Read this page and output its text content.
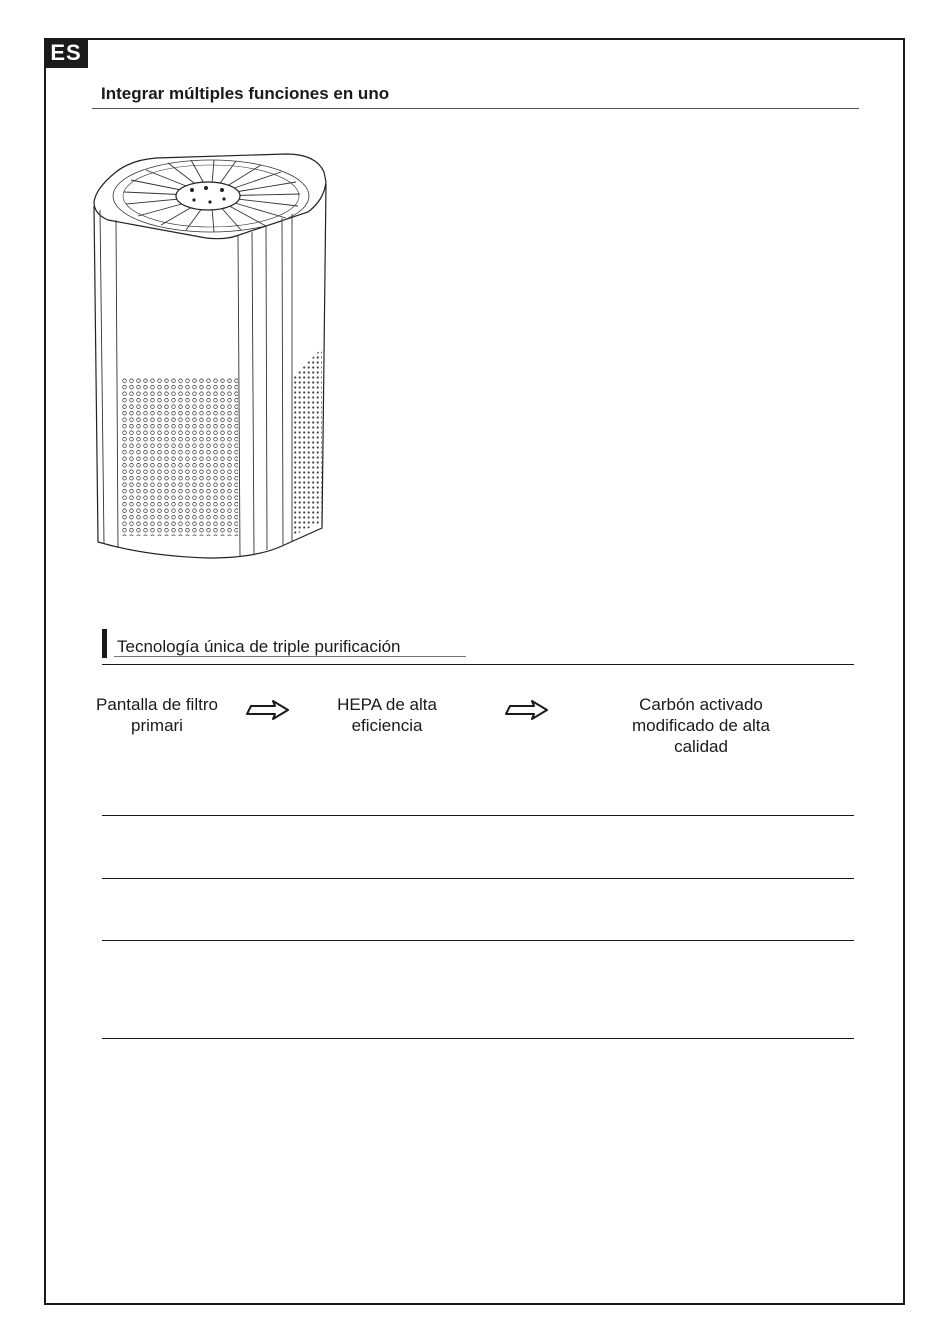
ES
Integrar múltiples funciones en uno
Tecnología única de triple purificación
Pantalla de filtro primari
HEPA de alta eficiencia
Carbón activado modificado de alta calidad
